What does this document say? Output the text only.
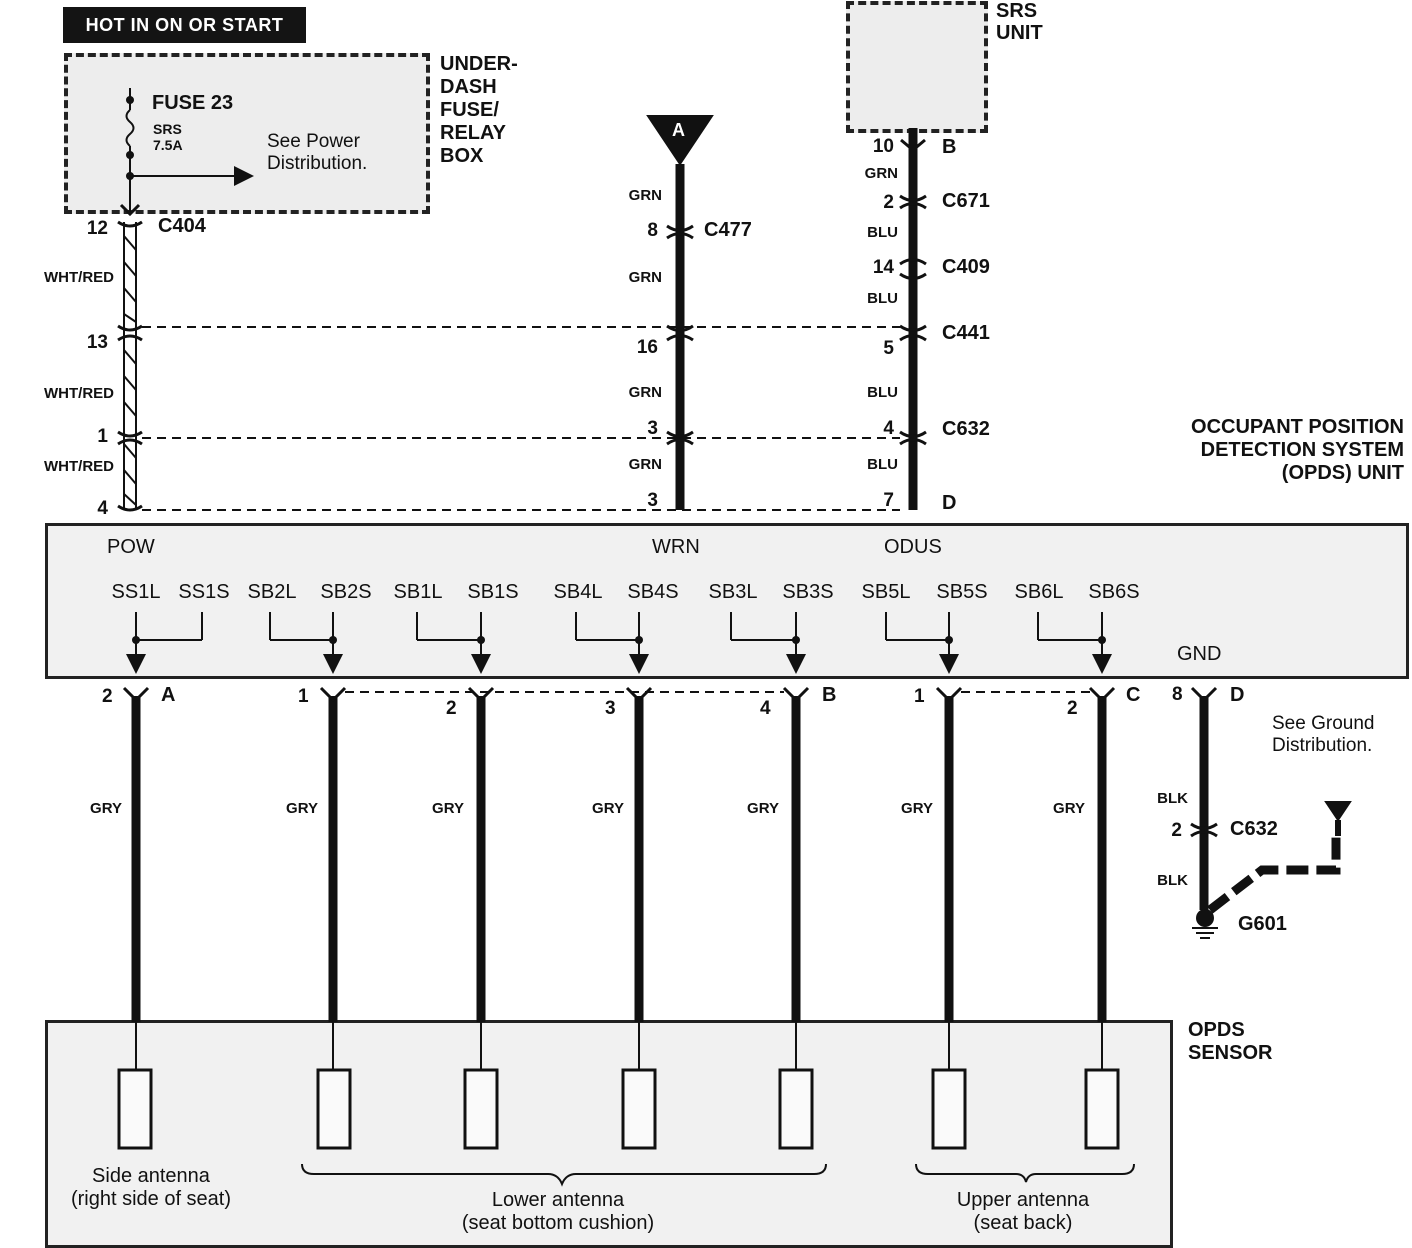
HOT IN ON OR START
UNDER-
DASH
FUSE/
RELAY
BOX
FUSE 23
SRS
7.5A	See Power
Distribution.
SRS
UNIT
A
C404
12
13
1
4
WHT/RED
WHT/RED
WHT/RED
GRN
8 C477
GRN
16
GRN
3
GRN
3
10 B
GRN
2 C671
BLU
14 C409
BLU
C441
5
BLU
4 C632
BLU
7 D
OCCUPANT POSITION
DETECTION SYSTEM
(OPDS) UNIT
POW	WRN	ODUS
SS1L SS1S SB2L	SB2S	SB1L	SB1S	SB4L	SB4S	SB3L	SB3S	SB5L	SB5S	SB6L	SB6S
GND
2 A	1
2	3	4
B	1
2
C 8 D
GRY	GRY	GRY	GRY	GRY	GRY	GRY
See Ground
Distribution.
BLK
2 C632
BLK
G601
OPDS
SENSOR
Side antenna
(right side of seat)	Lower antenna
(seat bottom cushion)
Upper antenna
(seat back)
